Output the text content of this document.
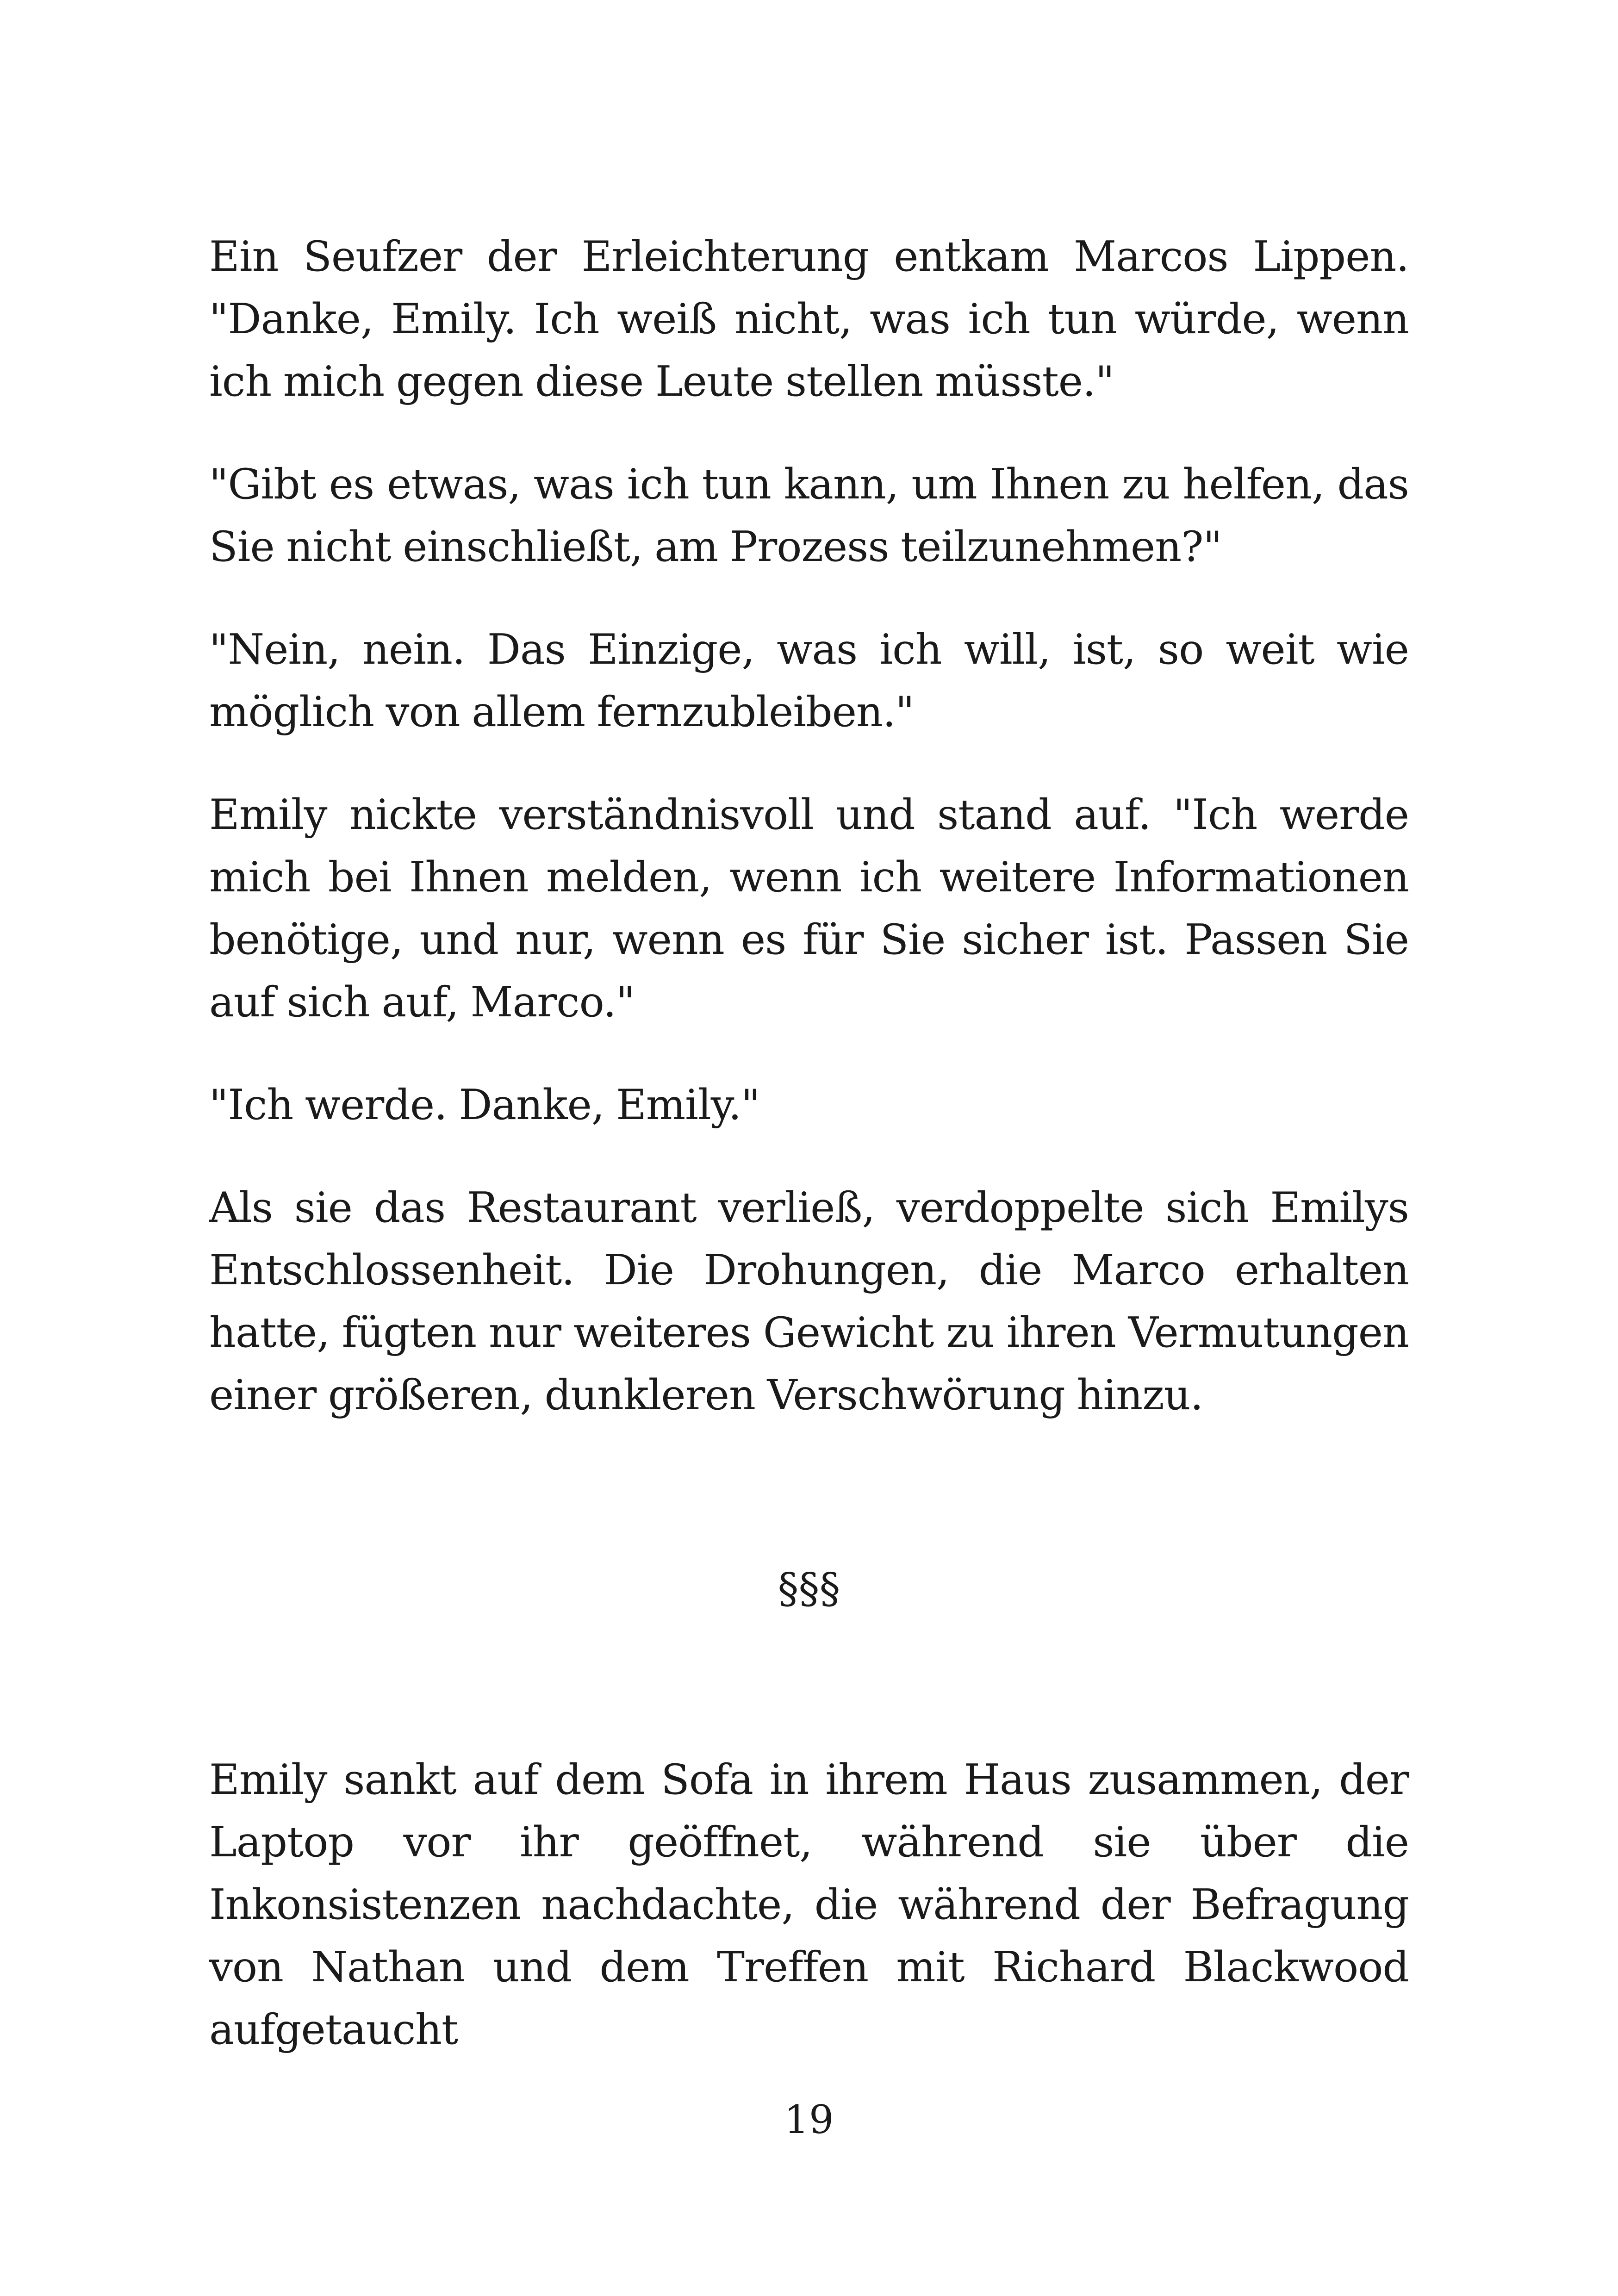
Ein Seufzer der Erleichterung entkam Marcos Lippen. "Danke, Emily. Ich weiß nicht, was ich tun würde, wenn ich mich gegen diese Leute stellen müsste."

"Gibt es etwas, was ich tun kann, um Ihnen zu helfen, das Sie nicht einschließt, am Prozess teilzunehmen?"

"Nein, nein. Das Einzige, was ich will, ist, so weit wie möglich von allem fernzubleiben."

Emily nickte verständnisvoll und stand auf. "Ich werde mich bei Ihnen melden, wenn ich weitere Informationen benötige, und nur, wenn es für Sie sicher ist. Passen Sie auf sich auf, Marco."

"Ich werde. Danke, Emily."

Als sie das Restaurant verließ, verdoppelte sich Emilys Entschlossenheit. Die Drohungen, die Marco erhalten hatte, fügten nur weiteres Gewicht zu ihren Vermutungen einer größeren, dunkleren Verschwörung hinzu.

§§§

Emily sankt auf dem Sofa in ihrem Haus zusammen, der Laptop vor ihr geöffnet, während sie über die Inkonsistenzen nachdachte, die während der Befragung von Nathan und dem Treffen mit Richard Blackwood aufgetaucht

19
